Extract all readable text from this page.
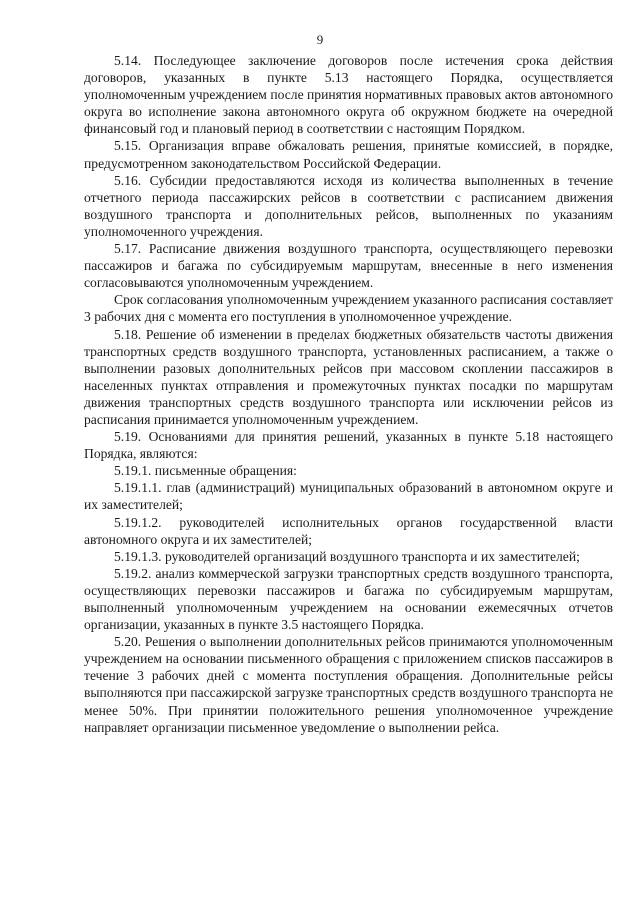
9

5.14. Последующее заключение договоров после истечения срока действия договоров, указанных в пункте 5.13 настоящего Порядка, осуществляется уполномоченным учреждением после принятия нормативных правовых актов автономного округа во исполнение закона автономного округа об окружном бюджете на очередной финансовый год и плановый период в соответствии с настоящим Порядком.

5.15. Организация вправе обжаловать решения, принятые комиссией, в порядке, предусмотренном законодательством Российской Федерации.

5.16. Субсидии предоставляются исходя из количества выполненных в течение отчетного периода пассажирских рейсов в соответствии с расписанием движения воздушного транспорта и дополнительных рейсов, выполненных по указаниям уполномоченного учреждения.

5.17. Расписание движения воздушного транспорта, осуществляющего перевозки пассажиров и багажа по субсидируемым маршрутам, внесенные в него изменения согласовываются уполномоченным учреждением.

Срок согласования уполномоченным учреждением указанного расписания составляет 3 рабочих дня с момента его поступления в уполномоченное учреждение.

5.18. Решение об изменении в пределах бюджетных обязательств частоты движения транспортных средств воздушного транспорта, установленных расписанием, а также о выполнении разовых дополнительных рейсов при массовом скоплении пассажиров в населенных пунктах отправления и промежуточных пунктах посадки по маршрутам движения транспортных средств воздушного транспорта или исключении рейсов из расписания принимается уполномоченным учреждением.

5.19. Основаниями для принятия решений, указанных в пункте 5.18 настоящего Порядка, являются:

5.19.1. письменные обращения:

5.19.1.1. глав (администраций) муниципальных образований в автономном округе и их заместителей;

5.19.1.2. руководителей исполнительных органов государственной власти автономного округа и их заместителей;

5.19.1.3. руководителей организаций воздушного транспорта и их заместителей;

5.19.2. анализ коммерческой загрузки транспортных средств воздушного транспорта, осуществляющих перевозки пассажиров и багажа по субсидируемым маршрутам, выполненный уполномоченным учреждением на основании ежемесячных отчетов организации, указанных в пункте 3.5 настоящего Порядка.

5.20. Решения о выполнении дополнительных рейсов принимаются уполномоченным учреждением на основании письменного обращения с приложением списков пассажиров в течение 3 рабочих дней с момента поступления обращения. Дополнительные рейсы выполняются при пассажирской загрузке транспортных средств воздушного транспорта не менее 50%. При принятии положительного решения уполномоченное учреждение направляет организации письменное уведомление о выполнении рейса.
